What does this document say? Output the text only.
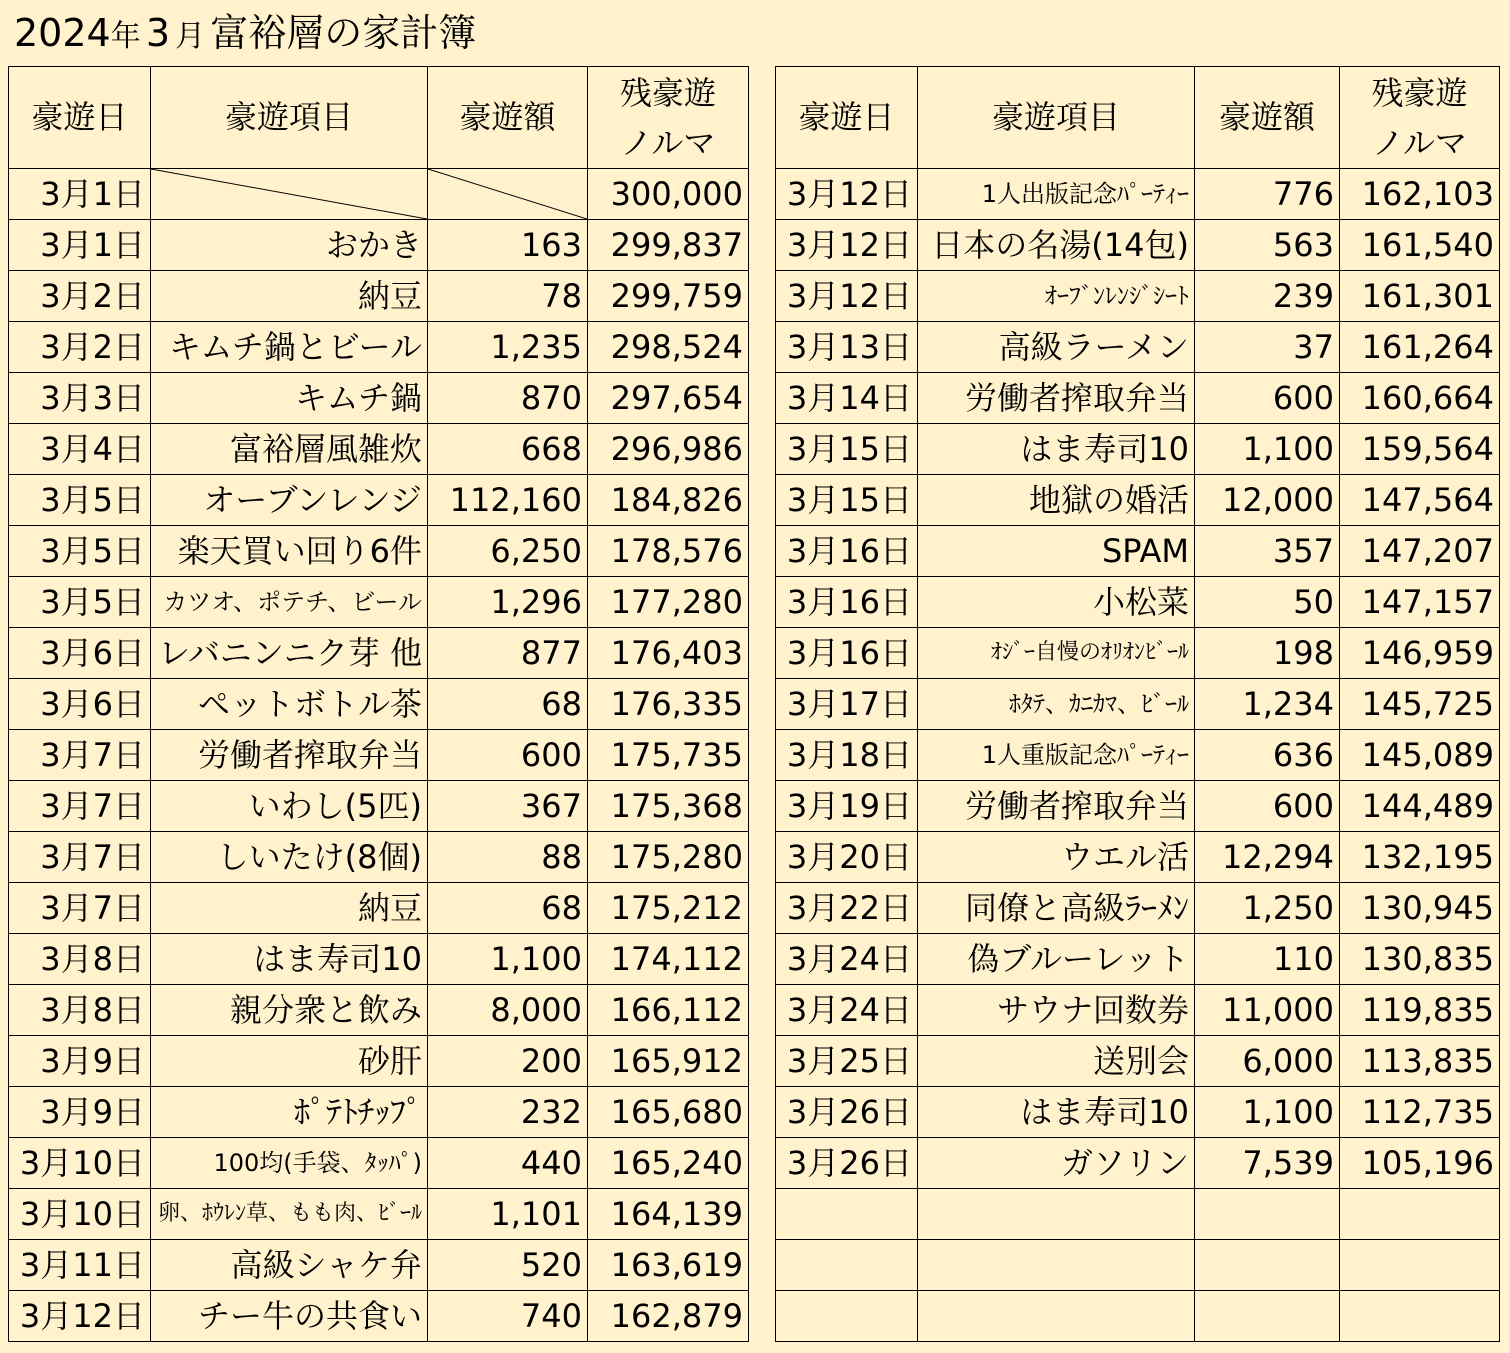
2024年 3 月 富裕層の家計簿
豪遊日	豪遊項目	豪遊額	残豪遊
ノルマ
3月1日			300,000
3月1日	おかき	163	299,837
3月2日	納豆	78	299,759
3月2日	キムチ鍋とビール	1,235	298,524
3月3日	キムチ鍋	870	297,654
3月4日	富裕層風雑炊	668	296,986
3月5日	オーブンレンジ	112,160	184,826
3月5日	楽天買い回り6件	6,250	178,576
3月5日	カツオ、ポテチ、ビール	1,296	177,280
3月6日	レバニンニク芽 他	877	176,403
3月6日	ペットボトル茶	68	176,335
3月7日	労働者搾取弁当	600	175,735
3月7日	いわし(5匹)	367	175,368
3月7日	しいたけ(8個)	88	175,280
3月7日	納豆	68	175,212
3月8日	はま寿司10	1,100	174,112
3月8日	親分衆と飲み	8,000	166,112
3月9日	砂肝	200	165,912
3月9日	ﾎﾟﾃﾄﾁｯﾌﾟ	232	165,680
3月10日	100均(手袋、ﾀｯﾊﾟ)	440	165,240
3月10日	卵、ﾎｳﾚﾝ草、もも肉、ﾋﾞｰﾙ	1,101	164,139
3月11日	高級シャケ弁	520	163,619
3月12日	チー牛の共食い	740	162,879
豪遊日	豪遊項目	豪遊額	残豪遊
ノルマ
3月12日	1人出版記念ﾊﾟｰﾃｨｰ	776	162,103
3月12日	日本の名湯(14包)	563	161,540
3月12日	ｵｰﾌﾞﾝﾚﾝｼﾞｼｰﾄ	239	161,301
3月13日	高級ラーメン	37	161,264
3月14日	労働者搾取弁当	600	160,664
3月15日	はま寿司10	1,100	159,564
3月15日	地獄の婚活	12,000	147,564
3月16日	SPAM	357	147,207
3月16日	小松菜	50	147,157
3月16日	ｵｼﾞｰ自慢のｵﾘｵﾝﾋﾞｰﾙ	198	146,959
3月17日	ﾎﾀﾃ、ｶﾆｶﾏ、ﾋﾞｰﾙ	1,234	145,725
3月18日	1人重版記念ﾊﾟｰﾃｨｰ	636	145,089
3月19日	労働者搾取弁当	600	144,489
3月20日	ウエル活	12,294	132,195
3月22日	同僚と高級ﾗｰﾒﾝ	1,250	130,945
3月24日	偽ブルーレット	110	130,835
3月24日	サウナ回数券	11,000	119,835
3月25日	送別会	6,000	113,835
3月26日	はま寿司10	1,100	112,735
3月26日	ガソリン	7,539	105,196
